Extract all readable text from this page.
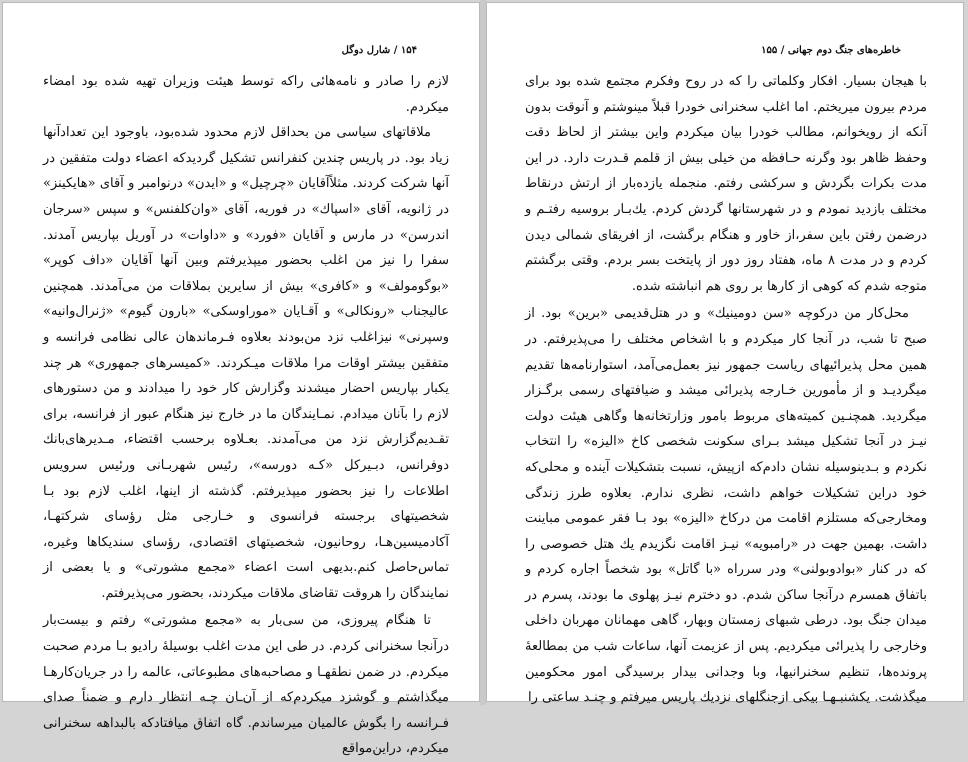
۱۵۴ / شارل دوگل

لازم را صادر و نامه‌هائی راکه توسط هیئت وزیران تهیه شده بود امضاء میکردم.

ملاقاتهای سیاسی من بحداقل لازم محدود شده‌بود، باوجود این تعدادآنها زیاد بود. در پاریس چندین کنفرانس تشکیل گردیدکه اعضاء دولت متفقین در آنها شرکت کردند. مثلاًآقایان «چرچیل» و «ایدن» درنوامبر و آقای «هایکینز» در ژانویه، آقای «اسپاك» در فوریه، آقای «وان‌کلفنس» و سپس «سرجان اندرسن» در مارس و آقایان «فورد» و «داوات» در آوریل بپاریس آمدند. سفرا را نیز من اغلب بحضور میپذیرفتم وبین آنها آقایان «داف کوپر» «بوگومولف» و «کافری» بیش از سایرین بملاقات من می‌آمدند. همچنین عالیجناب «رونکالی» و آقـایان «موراوسکی» «بارون گیوم» «ژنرال‌وانیه» وسپرنی» نیزاغلب نزد من‌بودند بعلاوه فـرماندهان عالی نظامی فرانسه و متفقین بیشتر اوقات مرا ملاقات میـکردند. «کمیسرهای جمهوری» هر چند یکبار بپاریس احضار میشدند وگزارش کار خود را میدادند و من دستورهای لازم را بآنان میدادم. نمـایندگان ما در خارج نیز هنگام عبور از فرانسه، برای تقـدیم‌گزارش نزد من می‌آمدند. بعـلاوه برحسب اقتضاء، مـدیرهای‌بانك دوفرانس، دبـیرکل «کـه دورسه»، رئیس شهربـانی ورئیس سرویس اطلاعات را نیز بحضور میپذیرفتم. گذشته از اینها، اغلب لازم بود بـا شخصیتهای برجسته فرانسوی و خـارجی مثل رؤسای شرکتهـا، آکادمیسین‌هـا، روحانیون، شخصیتهای اقتصادی، رؤسای سندیکاها وغیره، تماس‌حاصل کنم.بدیهی است اعضاء «مجمع مشورتی» و یا بعضی از نمایندگان را هروقت تقاضای ملاقات میکردند، بحضور می‌پذیرفتم.

تا هنگام پیروزی، من سی‌بار به «مجمع مشورتی» رفتم و بیست‌بار درآنجا سخنرانی کردم. در طی این مدت اغلب بوسیلهٔ رادیو بـا مردم صحبت میکردم. در ضمن نطقهـا و مصاحبه‌های مطبوعاتی، عالمه را در جریان‌کارهـا میگذاشتم و گوشزد میکردم‌که از آن‌ـان چـه انتظار دارم و ضمناً صدای فـرانسه را بگوش عالمیان میرساندم. گاه اتفاق میافتاد‌که بالبداهه سخنرانی میکردم، دراین‌مواقع

خاطره‌های جنگ دوم جهانی / ۱۵۵

با هیجان بسیار. افکار وکلماتی را که در روح وفکرم مجتمع شده بود برای مردم بیرون میریختم. اما اغلب سخنرانی خودرا قبلاً مینوشتم و آنوقت بدون آنکه از رویخوانم، مطالب خودرا بیان میکردم واین بیشتر از لحاظ دقت وحفظ ظاهر بود وگرنه حـافظه من خیلی بیش از قلمم قـدرت دارد. در این مدت بکرات بگردش و سرکشی رفتم. منجمله یازده‌بار از ارتش درنقاط مختلف بازدید نمودم و در شهرستانها گردش کردم. یك‌بـار بروسیه رفتـم و درضمن رفتن باین سفر،از خاور و هنگام برگشت، از افریقای شمالی دیدن کردم و در مدت ۸ ماه، هفتاد روز دور از پایتخت بسر بردم. وقتی برگشتم متوجه شدم که کوهی از کارها بر روی هم انباشته شده.

محل‌کار من درکوچه «سن دومینیك» و در هتل‌قدیمی «برین» بود. از صبح تا شب، در آنجا کار میکردم و با اشخاص مختلف را می‌پذیرفتم. در همین محل پذیرائیهای ریاست جمهور نیز بعمل‌می‌آمد، استوارنامه‌ها تقدیم میگردیـد و از مأمورین خـارجه پذیرائی میشد و ضیافتهای رسمی برگـزار میگردید. همچنـین کمیته‌های مربوط بامور وزارتخانه‌ها وگاهی هیئت دولت نیـز در آنجا تشکیل میشد بـرای سکونت شخصی کاخ «الیزه» را انتخاب نکردم و بـدینوسیله نشان دادم‌که ازپیش، نسبت بتشکیلات آینده و محلی‌که خود دراین تشکیلات خواهم داشت، نظری ندارم. بعلاوه طرز زندگی ومخارجی‌که مستلزم اقامت من درکاخ «الیزه» بود بـا فقر عمومی مباینت داشت. بهمین جهت در «رامبویه» نیـز اقامت نگزیدم یك هتل خصوصی را که در کنار «بوادوبولنی» ودر سرراه «با گاتل» بود شخصاً اجاره کردم و باتفاق همسرم درآنجا ساکن شدم. دو دخترم نیـز پهلوی ما بودند، پسرم در میدان جنگ بود. درطی شبهای زمستان وبهار، گاهی مهمانان مهربان داخلی وخارجی را پذیرائی میکردیم. پس از عزیمت آنها، ساعات شب من بمطالعهٔ پرونده‌ها، تنظیم سخنرانیها، وبا وجدانی بیدار برسیدگی امور محکومین میگذشت. یکشنبـهـا بیکی ازجنگلهای نزدیك پاریس میرفتم و چنـد ساعتی را
